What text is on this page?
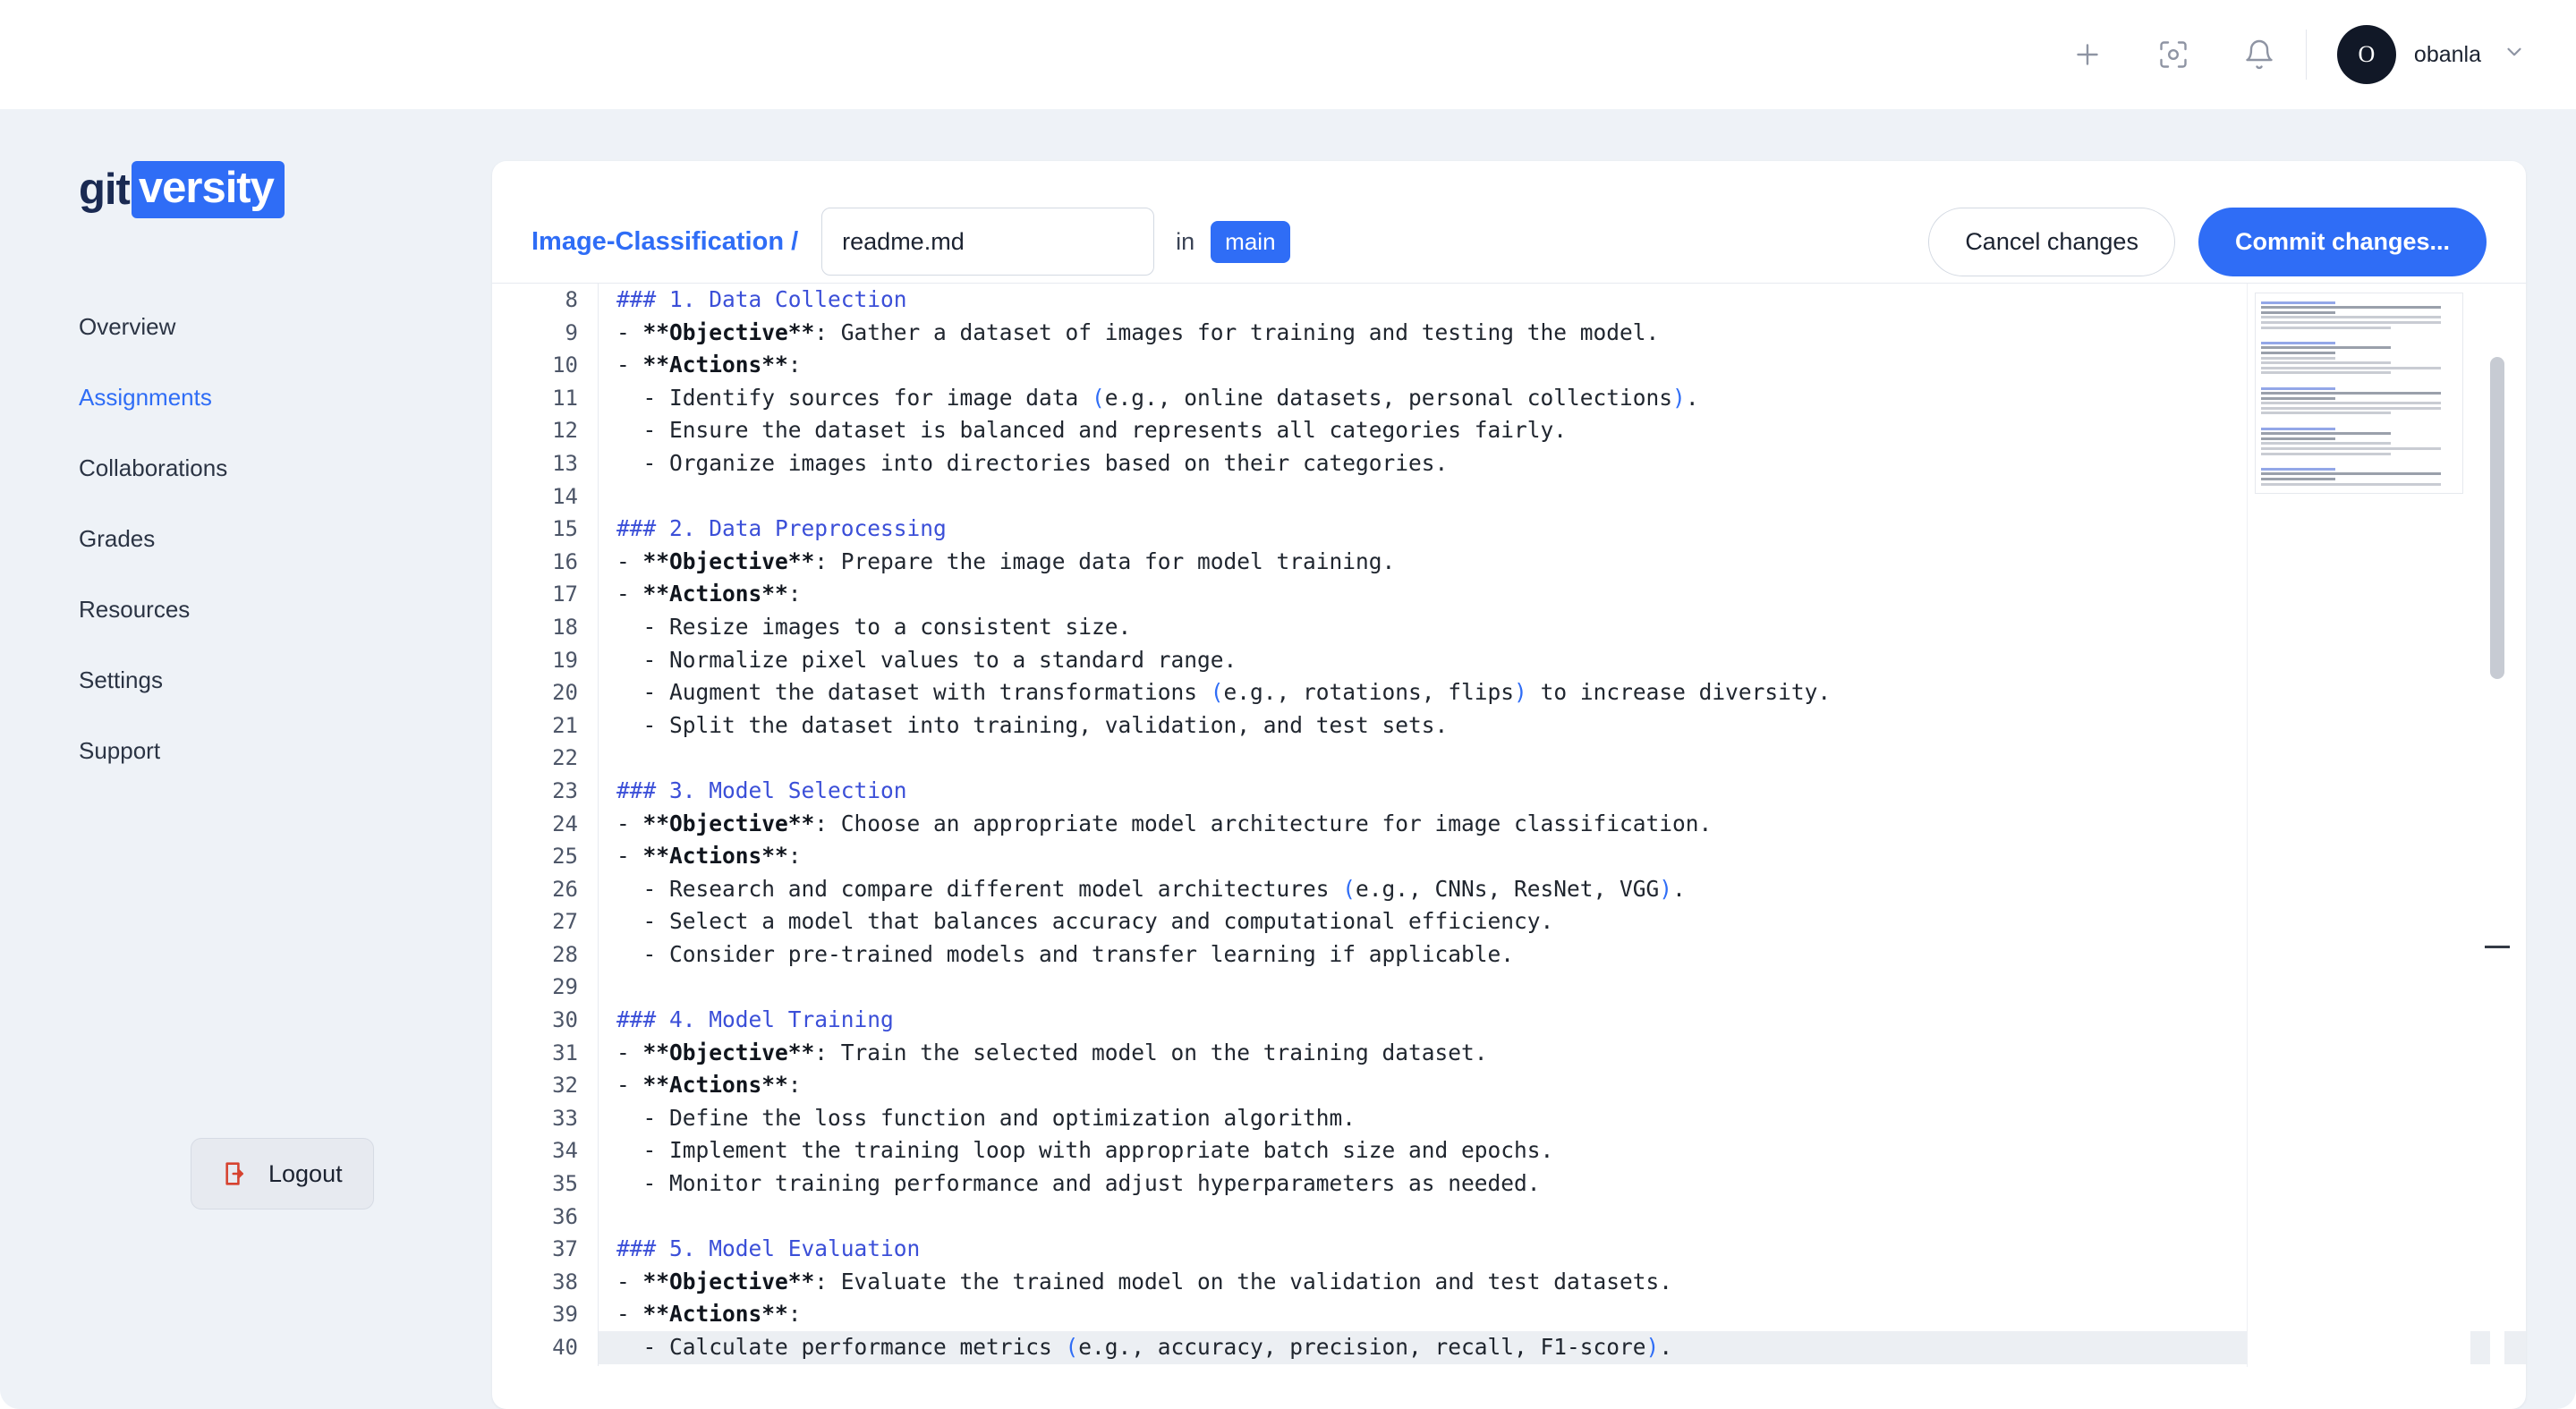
O	obanla
git versity
Overview
Assignments
Collaborations
Grades
Resources
Settings
Support
Logout
Image-Classification /
readme.md	in	main	Cancel changes	Commit changes...
8
9
10
11
12
13
14
15
16
17
18
19
20
21
22
23
24
25
26
27
28
29
30
31
32
33
34
35
36
37
38
39
40
### 1. Data Collection
- **Objective**: Gather a dataset of images for training and testing the model.
- **Actions**:
- Identify sources for image data (e.g., online datasets, personal collections).
- Ensure the dataset is balanced and represents all categories fairly.
- Organize images into directories based on their categories.

### 2. Data Preprocessing
- **Objective**: Prepare the image data for model training.
- **Actions**:
- Resize images to a consistent size.
- Normalize pixel values to a standard range.
- Augment the dataset with transformations (e.g., rotations, flips) to increase diversity.
- Split the dataset into training, validation, and test sets.

### 3. Model Selection
- **Objective**: Choose an appropriate model architecture for image classification.
- **Actions**:
- Research and compare different model architectures (e.g., CNNs, ResNet, VGG).
- Select a model that balances accuracy and computational efficiency.
- Consider pre-trained models and transfer learning if applicable.

### 4. Model Training
- **Objective**: Train the selected model on the training dataset.
- **Actions**:
- Define the loss function and optimization algorithm.
- Implement the training loop with appropriate batch size and epochs.
- Monitor training performance and adjust hyperparameters as needed.

### 5. Model Evaluation
- **Objective**: Evaluate the trained model on the validation and test datasets.
- **Actions**:
- Calculate performance metrics (e.g., accuracy, precision, recall, F1-score).
